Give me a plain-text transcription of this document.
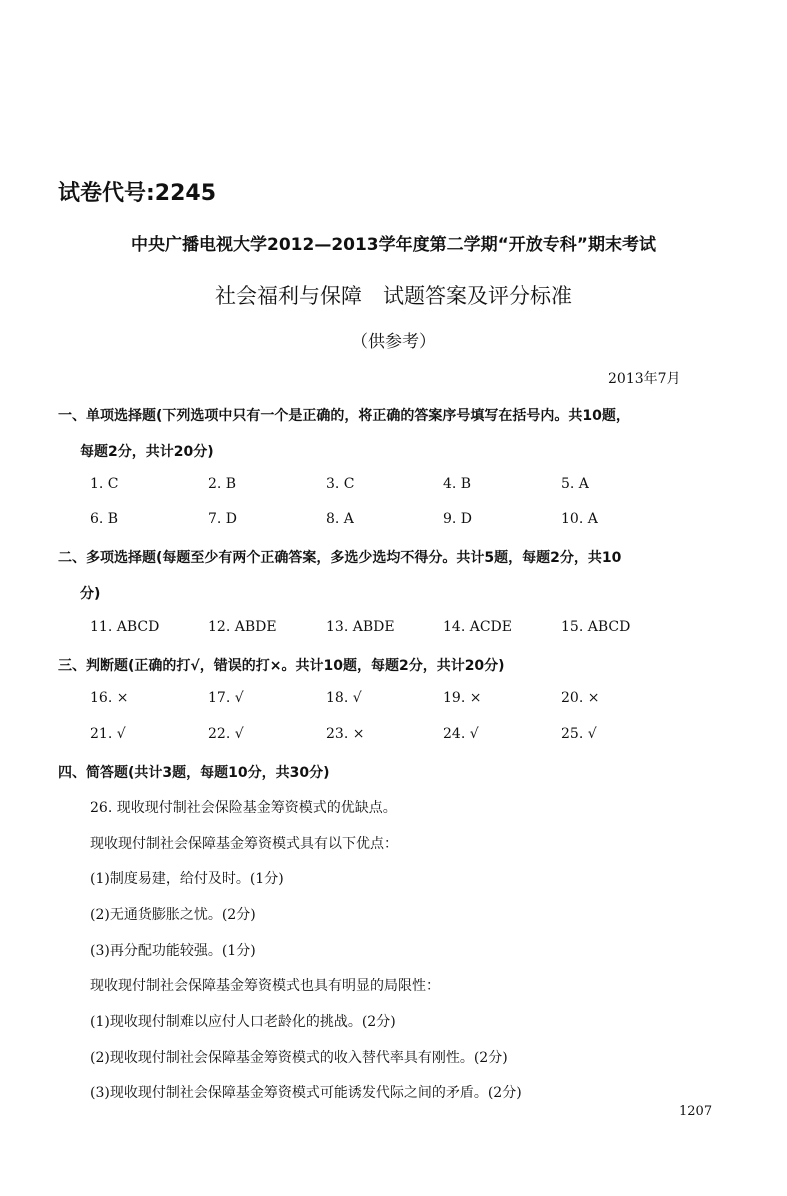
试卷代号:2245
中央广播电视大学2012—2013学年度第二学期“开放专科”期末考试
社会福利与保障　试题答案及评分标准
（供参考）
2013年7月
一、单项选择题(下列选项中只有一个是正确的，将正确的答案序号填写在括号内。共10题，
每题2分，共计20分)
1. C	2. B	3. C	4. B	5. A
6. B	7. D	8. A	9. D	10. A
二、多项选择题(每题至少有两个正确答案，多选少选均不得分。共计5题，每题2分，共10
分)
11. ABCD	12. ABDE	13. ABDE	14. ACDE	15. ABCD
三、判断题(正确的打√，错误的打×。共计10题，每题2分，共计20分)
16. ×	17. √	18. √	19. ×	20. ×
21. √	22. √	23. ×	24. √	25. √
四、简答题(共计3题，每题10分，共30分)
26. 现收现付制社会保险基金筹资模式的优缺点。
现收现付制社会保障基金筹资模式具有以下优点：
(1)制度易建，给付及时。(1分)
(2)无通货膨胀之忧。(2分)
(3)再分配功能较强。(1分)
现收现付制社会保障基金筹资模式也具有明显的局限性：
(1)现收现付制难以应付人口老龄化的挑战。(2分)
(2)现收现付制社会保障基金筹资模式的收入替代率具有刚性。(2分)
(3)现收现付制社会保障基金筹资模式可能诱发代际之间的矛盾。(2分)
1207
